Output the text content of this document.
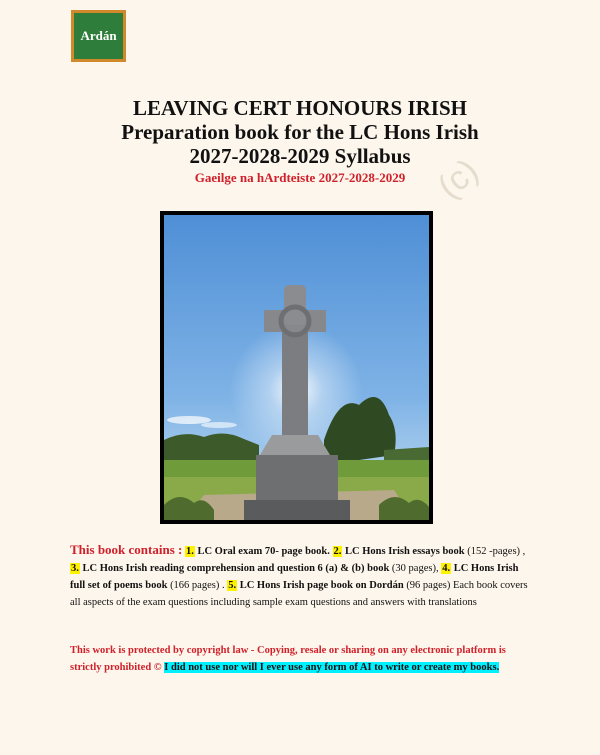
Ardán
(c)
LEAVING CERT HONOURS IRISH
Preparation book for the LC Hons Irish
2027-2028-2029 Syllabus
Gaeilge na hArdteiste 2027-2028-2029
This book contains : 1. LC Oral exam 70- page book. 2. LC Hons Irish essays book (152 -pages) , 3. LC Hons Irish reading comprehension and question 6 (a) & (b) book (30 pages), 4. LC Hons Irish full set of poems book (166 pages) . 5. LC Hons Irish page book on Dordán (96 pages) Each book covers all aspects of the exam questions including sample exam questions and answers with translations
This work is protected by copyright law - Copying, resale or sharing on any electronic platform is strictly prohibited © I did not use nor will I ever use any form of AI to write or create my books.
